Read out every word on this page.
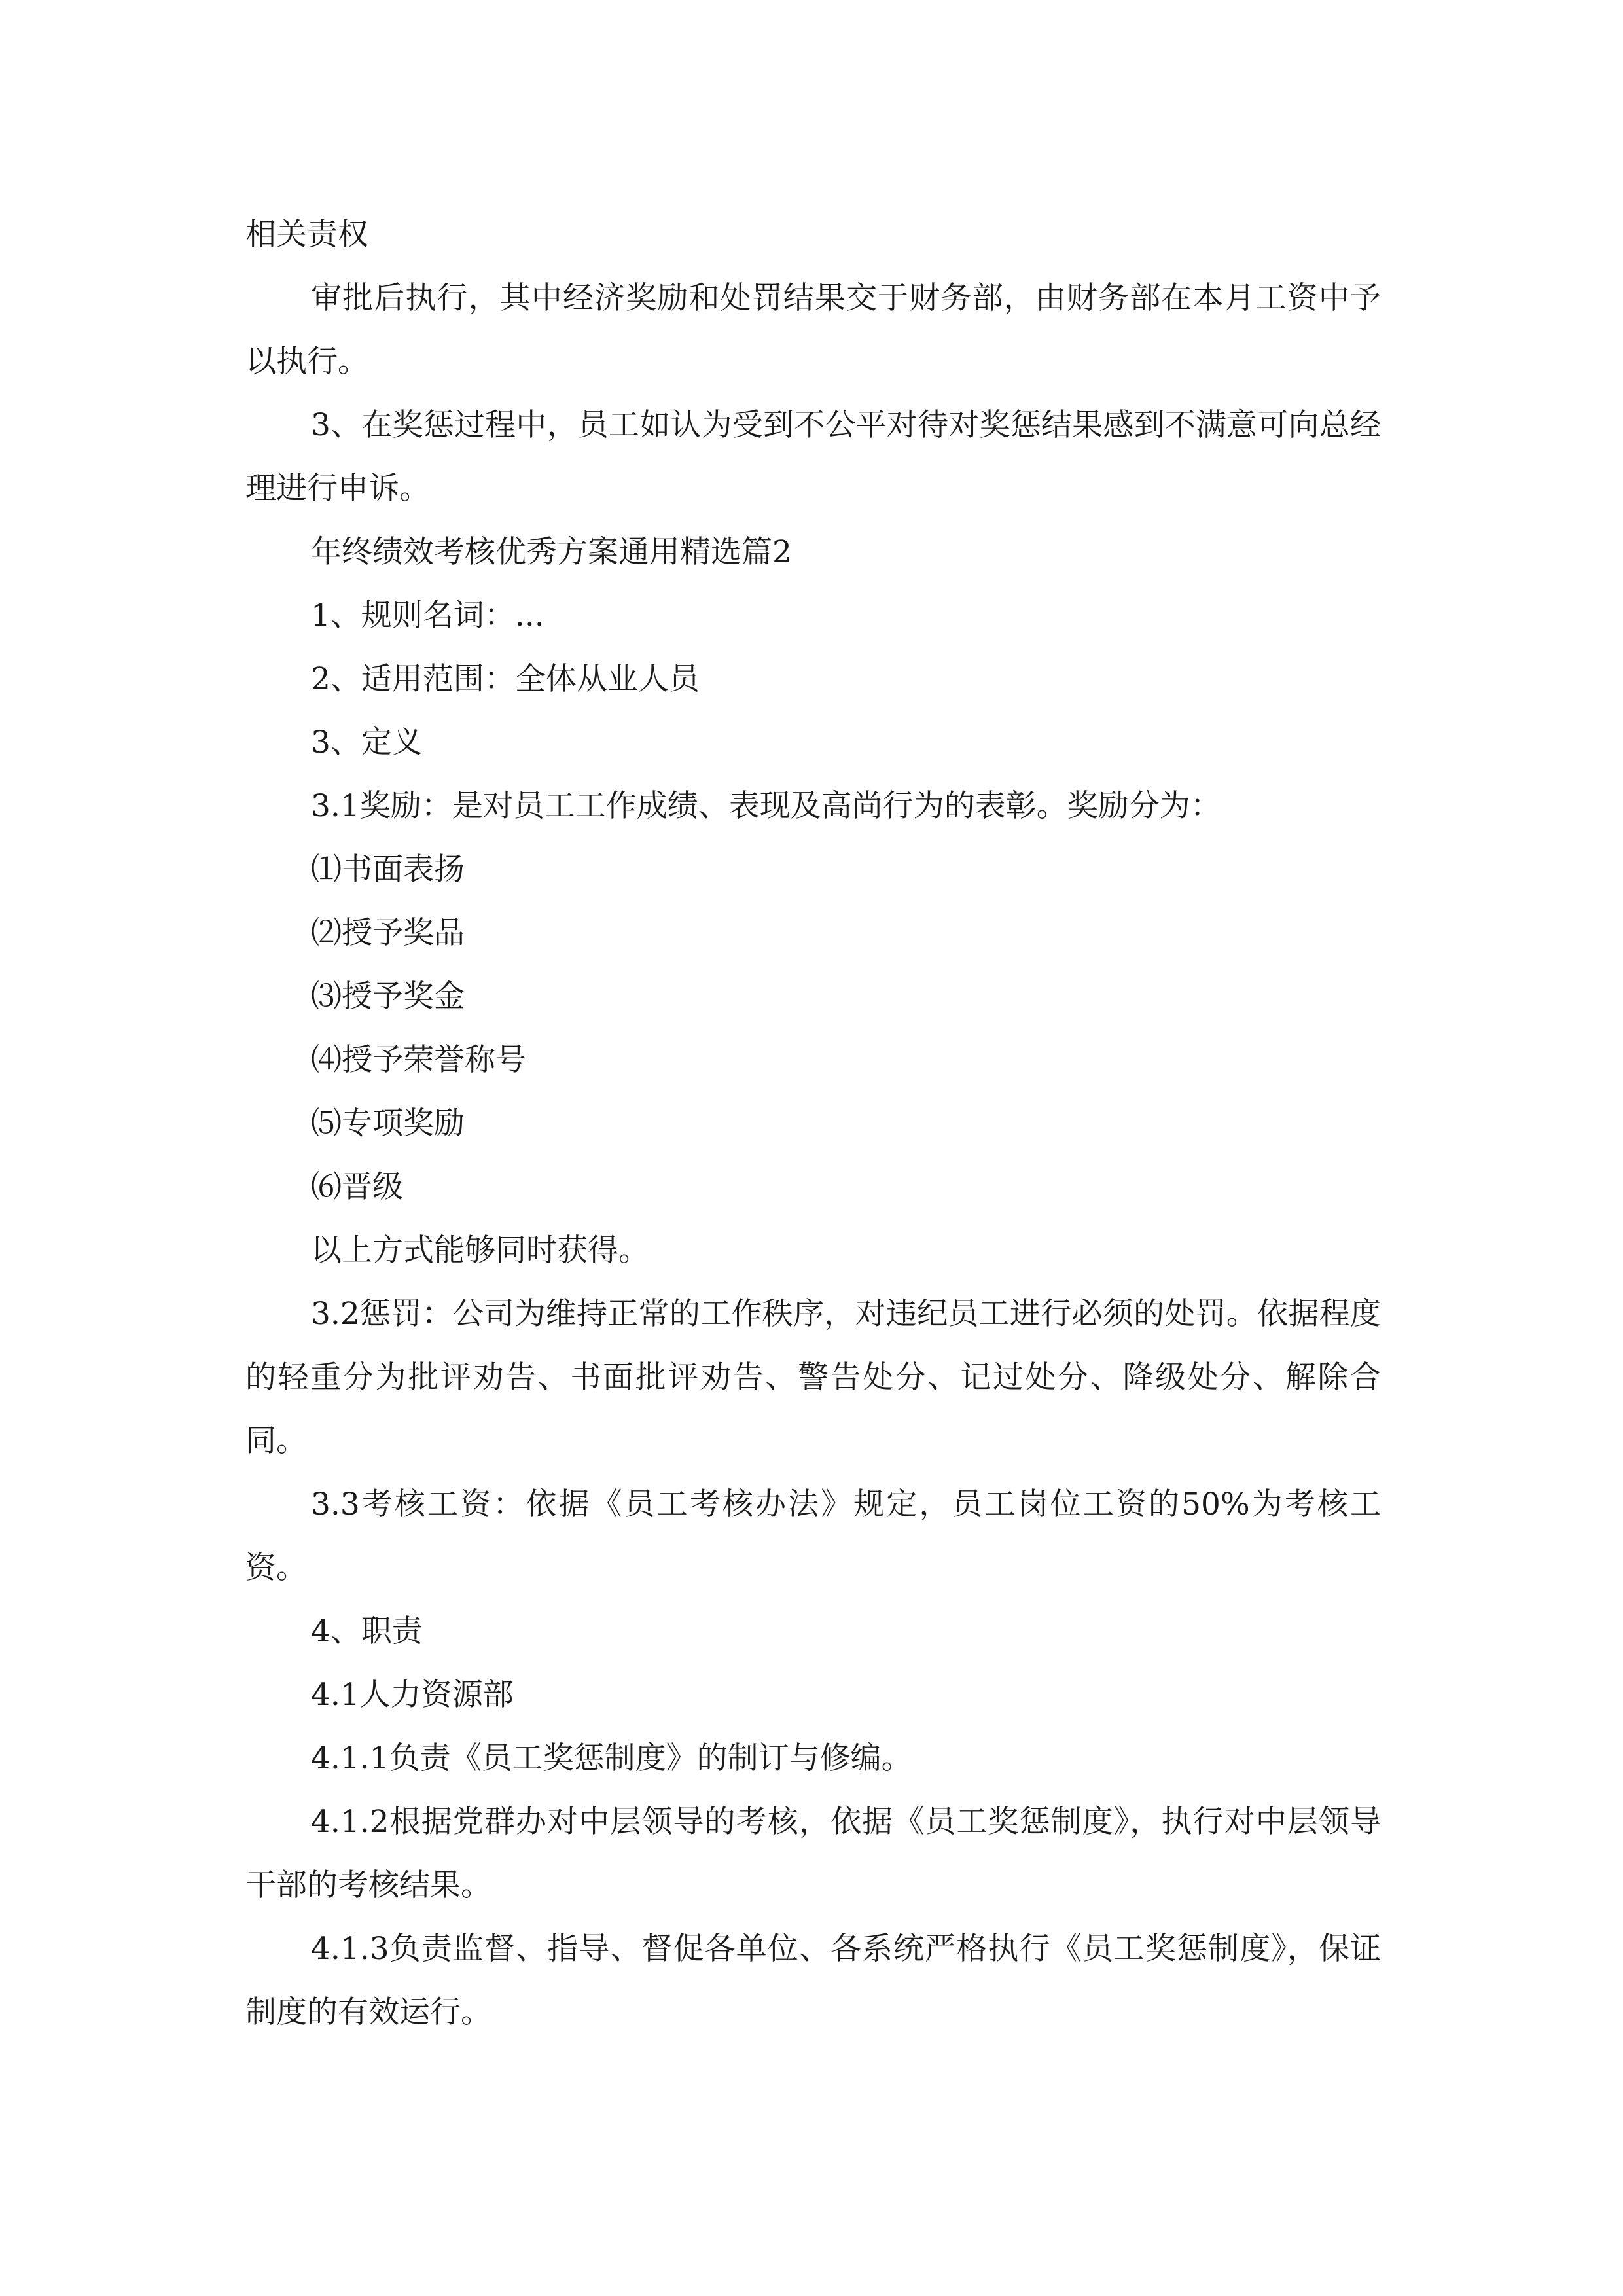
相关责权

审批后执行，其中经济奖励和处罚结果交于财务部，由财务部在本月工资中予以执行。

3、在奖惩过程中，员工如认为受到不公平对待对奖惩结果感到不满意可向总经理进行申诉。

年终绩效考核优秀方案通用精选篇2

1、规则名词：...

2、适用范围：全体从业人员

3、定义

3.1奖励：是对员工工作成绩、表现及高尚行为的表彰。奖励分为：

⑴书面表扬

⑵授予奖品

⑶授予奖金

⑷授予荣誉称号

⑸专项奖励

⑹晋级

以上方式能够同时获得。

3.2惩罚：公司为维持正常的工作秩序，对违纪员工进行必须的处罚。依据程度的轻重分为批评劝告、书面批评劝告、警告处分、记过处分、降级处分、解除合同。

3.3考核工资：依据《员工考核办法》规定，员工岗位工资的50%为考核工资。

4、职责

4.1人力资源部

4.1.1负责《员工奖惩制度》的制订与修编。

4.1.2根据党群办对中层领导的考核，依据《员工奖惩制度》，执行对中层领导干部的考核结果。

4.1.3负责监督、指导、督促各单位、各系统严格执行《员工奖惩制度》，保证制度的有效运行。
